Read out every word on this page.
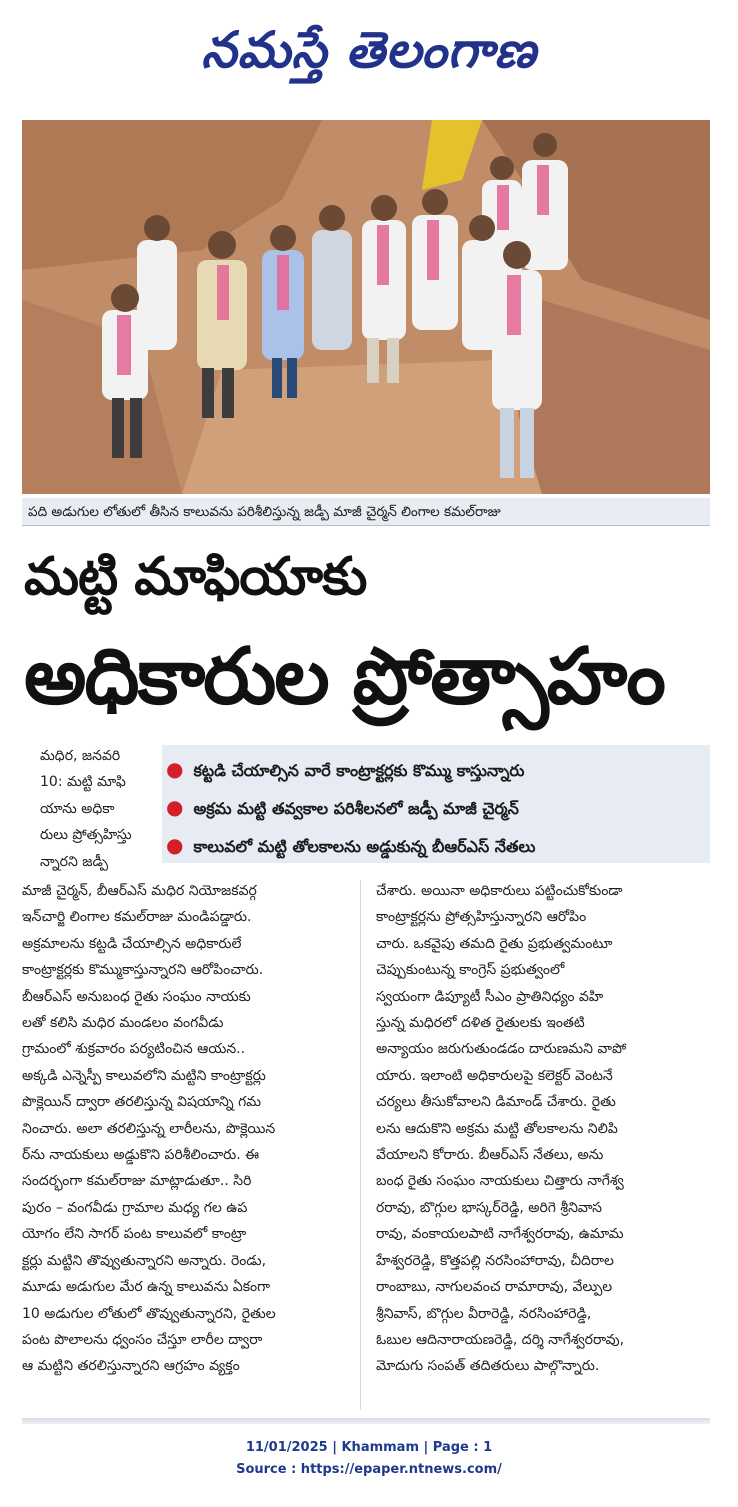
నమస్తే తెలంగాణ
పది అడుగుల లోతులో తీసిన కాలువను పరిశీలిస్తున్న జడ్పీ మాజీ చైర్మన్ లింగాల కమల్‌రాజు
మట్టి మాఫియాకు
అధికారుల ప్రోత్సాహం

మధిర, జనవరి

10: మట్టి మాఫి

యాను అధికా

రులు ప్రోత్సహిస్తు

న్నారని జడ్పీ

● కట్టడి చేయాల్సిన వారే కాంట్రాక్టర్లకు కొమ్ము కాస్తున్నారు
● అక్రమ మట్టి తవ్వకాల పరిశీలనలో జడ్పీ మాజీ చైర్మన్
● కాలువలో మట్టి తోలకాలను అడ్డుకున్న బీఆర్‌ఎస్ నేతలు

మాజీ చైర్మన్, బీఆర్‌ఎస్ మధిర నియోజకవర్గ

ఇన్‌చార్జి లింగాల కమల్‌రాజు మండిపడ్డారు.

అక్రమాలను కట్టడి చేయాల్సిన అధికారులే

కాంట్రాక్టర్లకు కొమ్ముకాస్తున్నారని ఆరోపించారు.

బీఆర్‌ఎస్ అనుబంధ రైతు సంఘం నాయకు

లతో కలిసి మధిర మండలం వంగవీడు

గ్రామంలో శుక్రవారం పర్యటించిన ఆయన..

అక్కడి ఎన్నెస్పీ కాలువలోని మట్టిని కాంట్రాక్టర్లు

పొక్లెయిన్ ద్వారా తరలిస్తున్న విషయాన్ని గమ

నించారు. అలా తరలిస్తున్న లారీలను, పొక్లెయిన

ర్‌ను నాయకులు అడ్డుకొని పరిశీలించారు. ఈ

సందర్భంగా కమల్‌రాజు మాట్లాడుతూ.. సిరి

పురం – వంగవీడు గ్రామాల మధ్య గల ఉప

యోగం లేని సాగర్ పంట కాలువలో కాంట్రా

క్టర్లు మట్టిని తొవ్వుతున్నారని అన్నారు. రెండు,

మూడు అడుగుల మేర ఉన్న కాలువను ఏకంగా

10 అడుగుల లోతులో తొవ్వుతున్నారని, రైతుల

పంట పొలాలను ధ్వంసం చేస్తూ లారీల ద్వారా

ఆ మట్టిని తరలిస్తున్నారని ఆగ్రహం వ్యక్తం

చేశారు. అయినా అధికారులు పట్టించుకోకుండా

కాంట్రాక్టర్లను ప్రోత్సహిస్తున్నారని ఆరోపిం

చారు. ఒకవైపు తమది రైతు ప్రభుత్వమంటూ

చెప్పుకుంటున్న కాంగ్రెస్ ప్రభుత్వంలో

స్వయంగా డిప్యూటీ సీఎం ప్రాతినిధ్యం వహి

స్తున్న మధిరలో దళిత రైతులకు ఇంతటి

అన్యాయం జరుగుతుండడం దారుణమని వాపో

యారు. ఇలాంటి అధికారులపై కలెక్టర్ వెంటనే

చర్యలు తీసుకోవాలని డిమాండ్ చేశారు. రైతు

లను ఆదుకొని అక్రమ మట్టి తోలకాలను నిలిపి

వేయాలని కోరారు. బీఆర్‌ఎస్ నేతలు, అను

బంధ రైతు సంఘం నాయకులు చిత్తారు నాగేశ్వ

రరావు, బొగ్గుల భాస్కర్‌రెడ్డి, అరిగె శ్రీనివాస

రావు, వంకాయలపాటి నాగేశ్వరరావు, ఉమామ

హేశ్వరరెడ్డి, కొత్తపల్లి నరసింహారావు, చీదిరాల

రాంబాబు, నాగులవంచ రామారావు, వేల్పుల

శ్రీనివాస్, బొగ్గుల వీరారెడ్డి, నరసింహారెడ్డి,

ఓబుల ఆదినారాయణరెడ్డి, దర్శి నాగేశ్వరరావు,

మోదుగు సంపత్ తదితరులు పాల్గొన్నారు.

11/01/2025 | Khammam | Page : 1
Source : https://epaper.ntnews.com/
